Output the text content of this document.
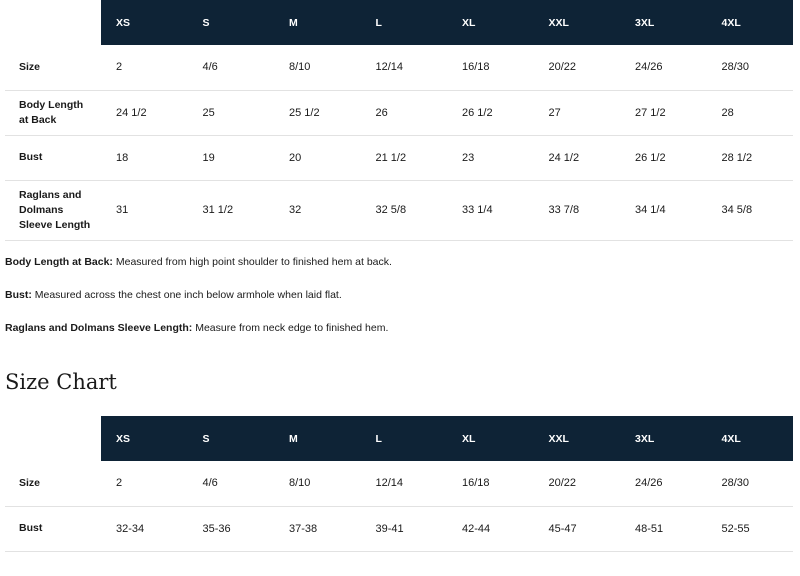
	XS	S	M	L	XL	XXL	3XL	4XL
Size	2	4/6	8/10	12/14	16/18	20/22	24/26	28/30
Body Length at Back	24 1/2	25	25 1/2	26	26 1/2	27	27 1/2	28
Bust	18	19	20	21 1/2	23	24 1/2	26 1/2	28 1/2
Raglans and Dolmans Sleeve Length	31	31 1/2	32	32 5/8	33 1/4	33 7/8	34 1/4	34 5/8

Body Length at Back: Measured from high point shoulder to finished hem at back.

Bust: Measured across the chest one inch below armhole when laid flat.

Raglans and Dolmans Sleeve Length: Measure from neck edge to finished hem.

Size Chart
	XS	S	M	L	XL	XXL	3XL	4XL
Size	2	4/6	8/10	12/14	16/18	20/22	24/26	28/30
Bust	32-34	35-36	37-38	39-41	42-44	45-47	48-51	52-55
